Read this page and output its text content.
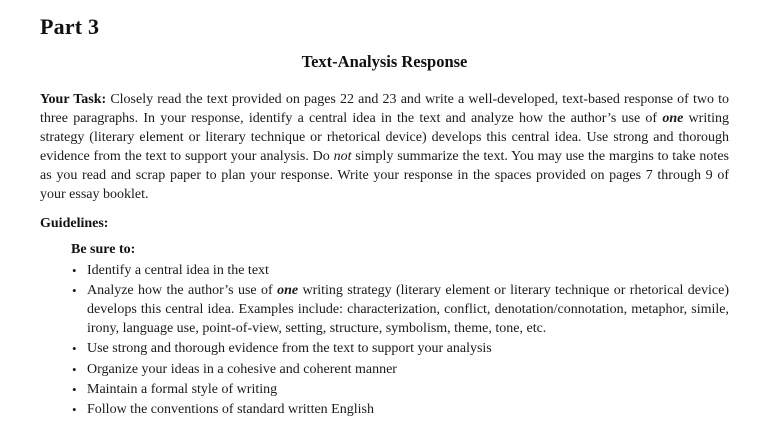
Part 3
Text-Analysis Response

Your Task: Closely read the text provided on pages 22 and 23 and write a well-developed, text-based response of two to three paragraphs. In your response, identify a central idea in the text and analyze how the author’s use of one writing strategy (literary element or literary technique or rhetorical device) develops this central idea. Use strong and thorough evidence from the text to support your analysis. Do not simply summarize the text. You may use the margins to take notes as you read and scrap paper to plan your response. Write your response in the spaces provided on pages 7 through 9 of your essay booklet.

Guidelines:
Be sure to:
• Identify a central idea in the text
• Analyze how the author’s use of one writing strategy (literary element or literary technique or rhetorical device) develops this central idea. Examples include: characterization, conflict, denotation/connotation, metaphor, simile, irony, language use, point-of-view, setting, structure, symbolism, theme, tone, etc.
• Use strong and thorough evidence from the text to support your analysis
• Organize your ideas in a cohesive and coherent manner
• Maintain a formal style of writing
• Follow the conventions of standard written English
